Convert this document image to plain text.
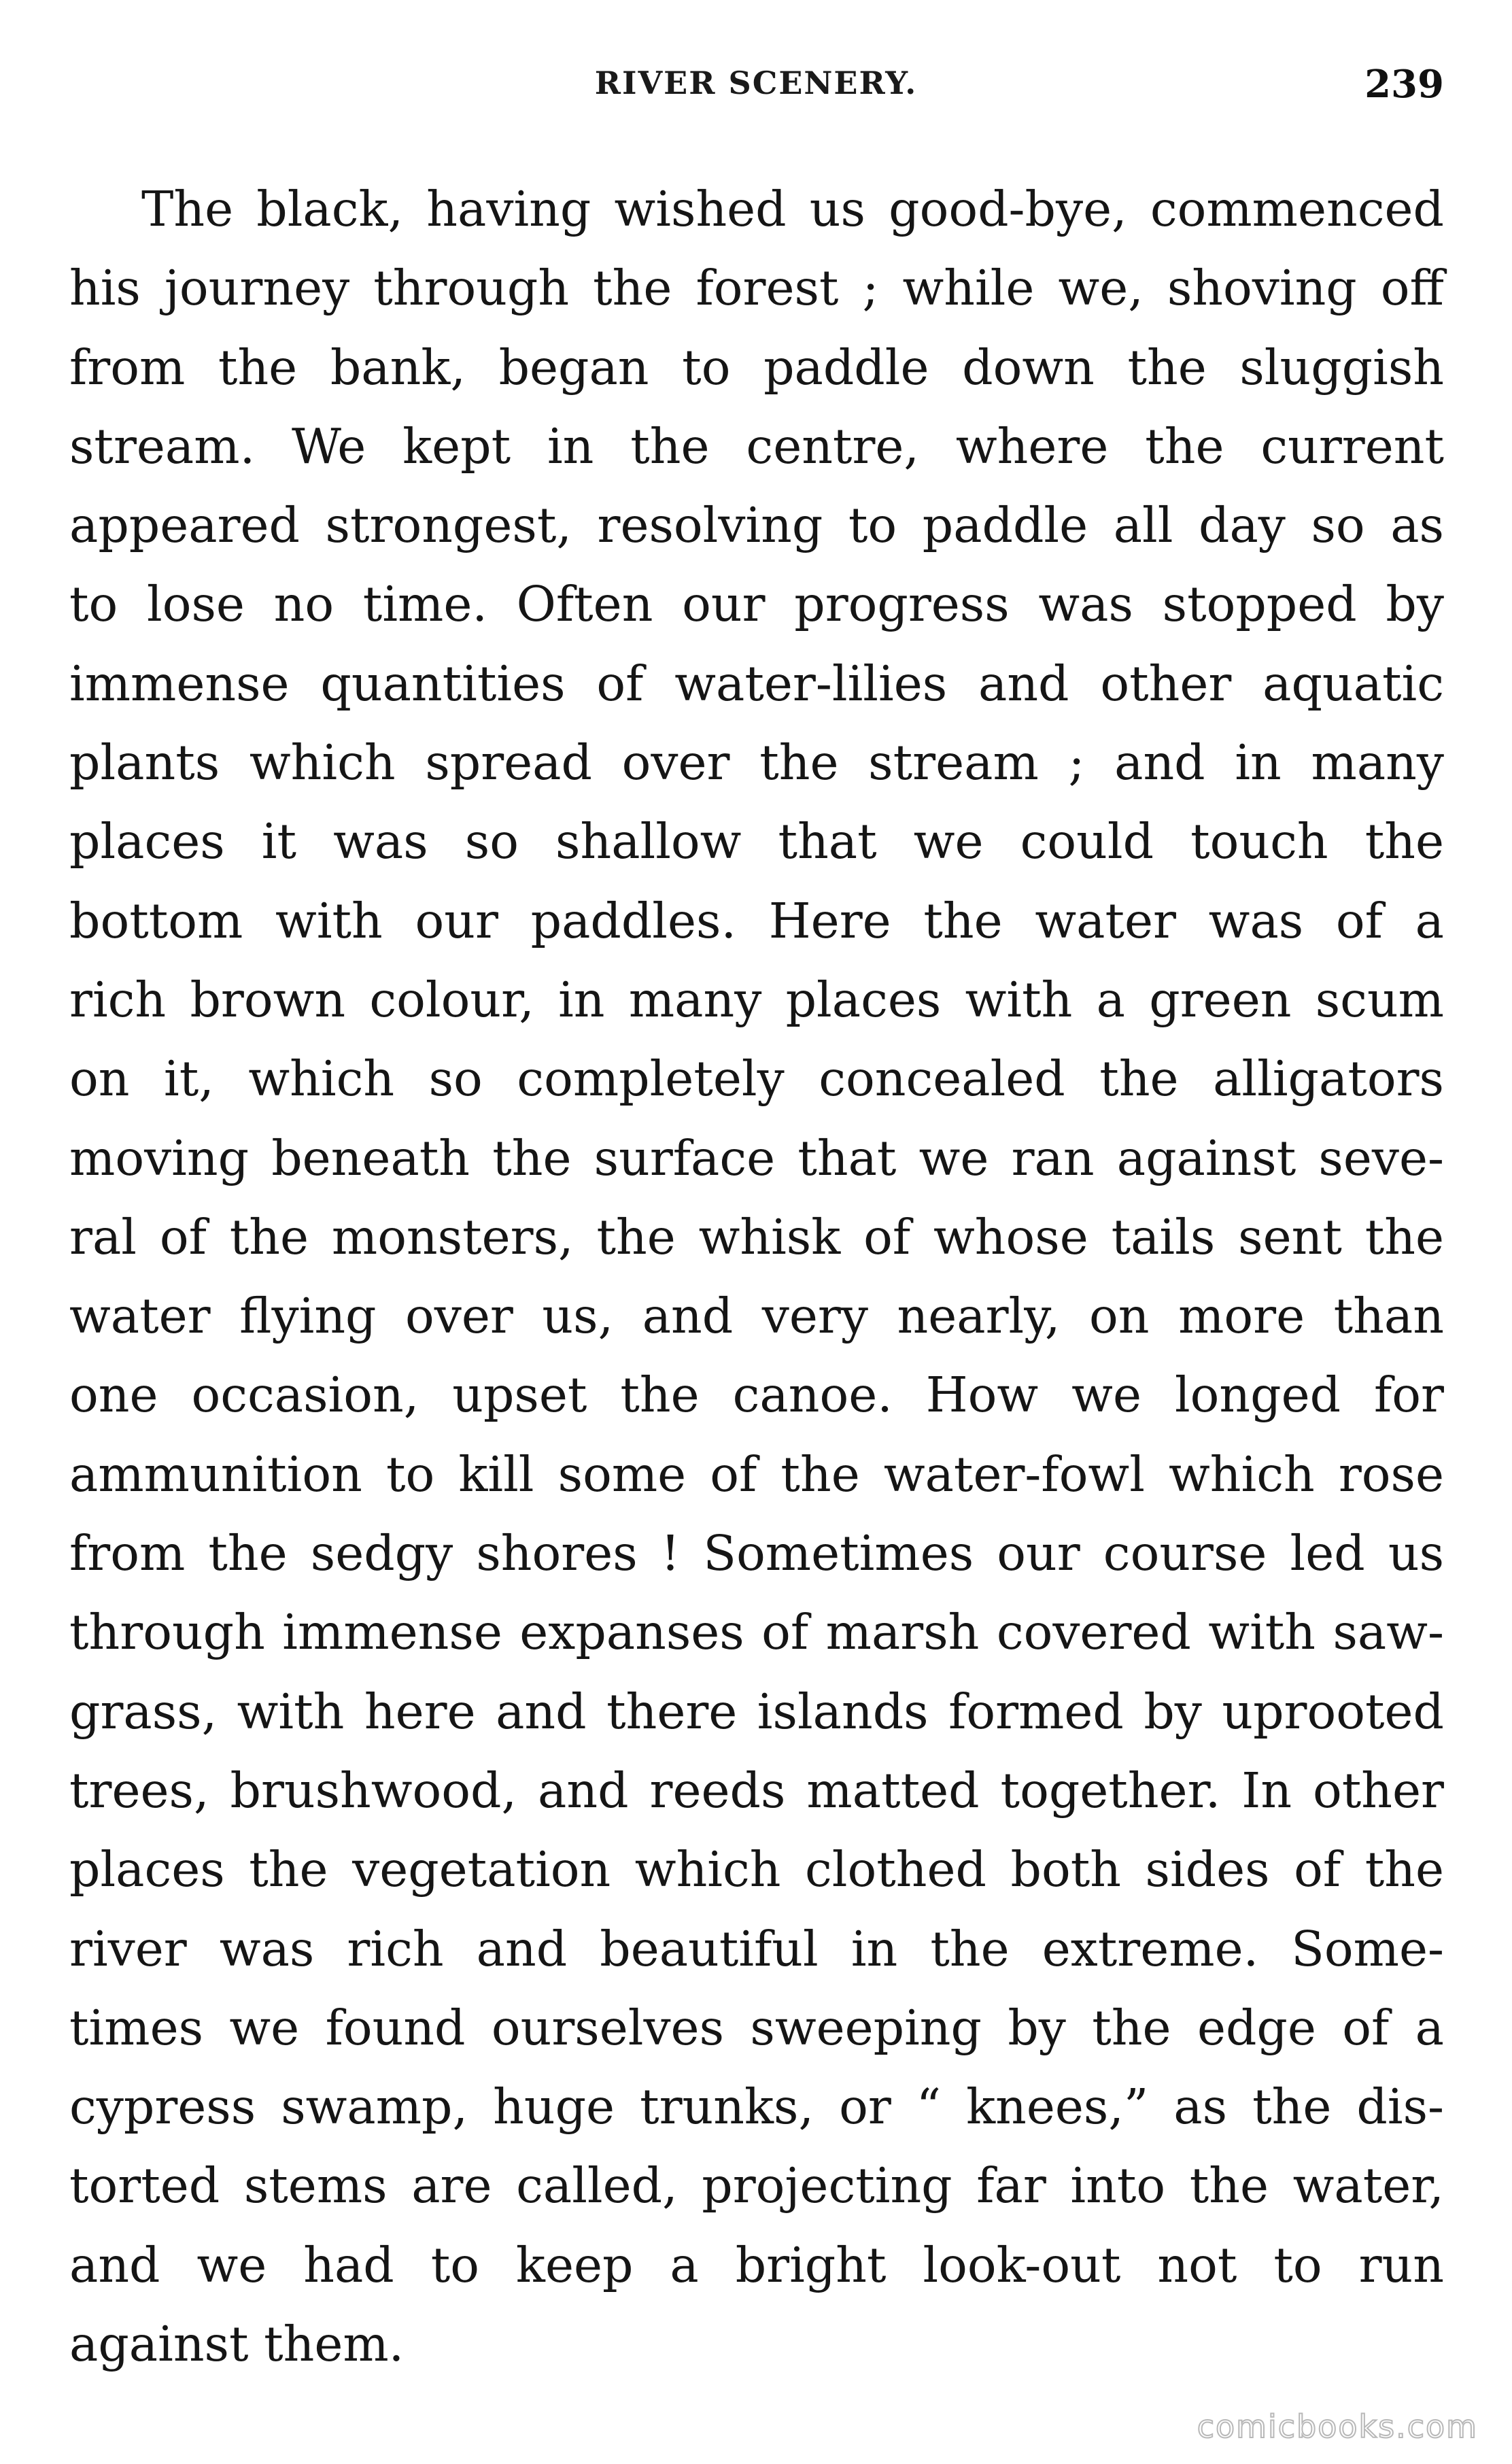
RIVER SCENERY.	239
The black, having wished us good-bye, commenced
his journey through the forest ; while we, shoving off
from the bank, began to paddle down the sluggish
stream. We kept in the centre, where the current
appeared strongest, resolving to paddle all day so as
to lose no time. Often our progress was stopped by
immense quantities of water-lilies and other aquatic
plants which spread over the stream ; and in many
places it was so shallow that we could touch the
bottom with our paddles. Here the water was of a
rich brown colour, in many places with a green scum
on it, which so completely concealed the alligators
moving beneath the surface that we ran against seve-
ral of the monsters, the whisk of whose tails sent the
water flying over us, and very nearly, on more than
one occasion, upset the canoe. How we longed for
ammunition to kill some of the water-fowl which rose
from the sedgy shores ! Sometimes our course led us
through immense expanses of marsh covered with saw-
grass, with here and there islands formed by uprooted
trees, brushwood, and reeds matted together. In other
places the vegetation which clothed both sides of the
river was rich and beautiful in the extreme. Some-
times we found ourselves sweeping by the edge of a
cypress swamp, huge trunks, or “ knees,” as the dis-
torted stems are called, projecting far into the water,
and we had to keep a bright look-out not to run
against them.
comicbooks.com
